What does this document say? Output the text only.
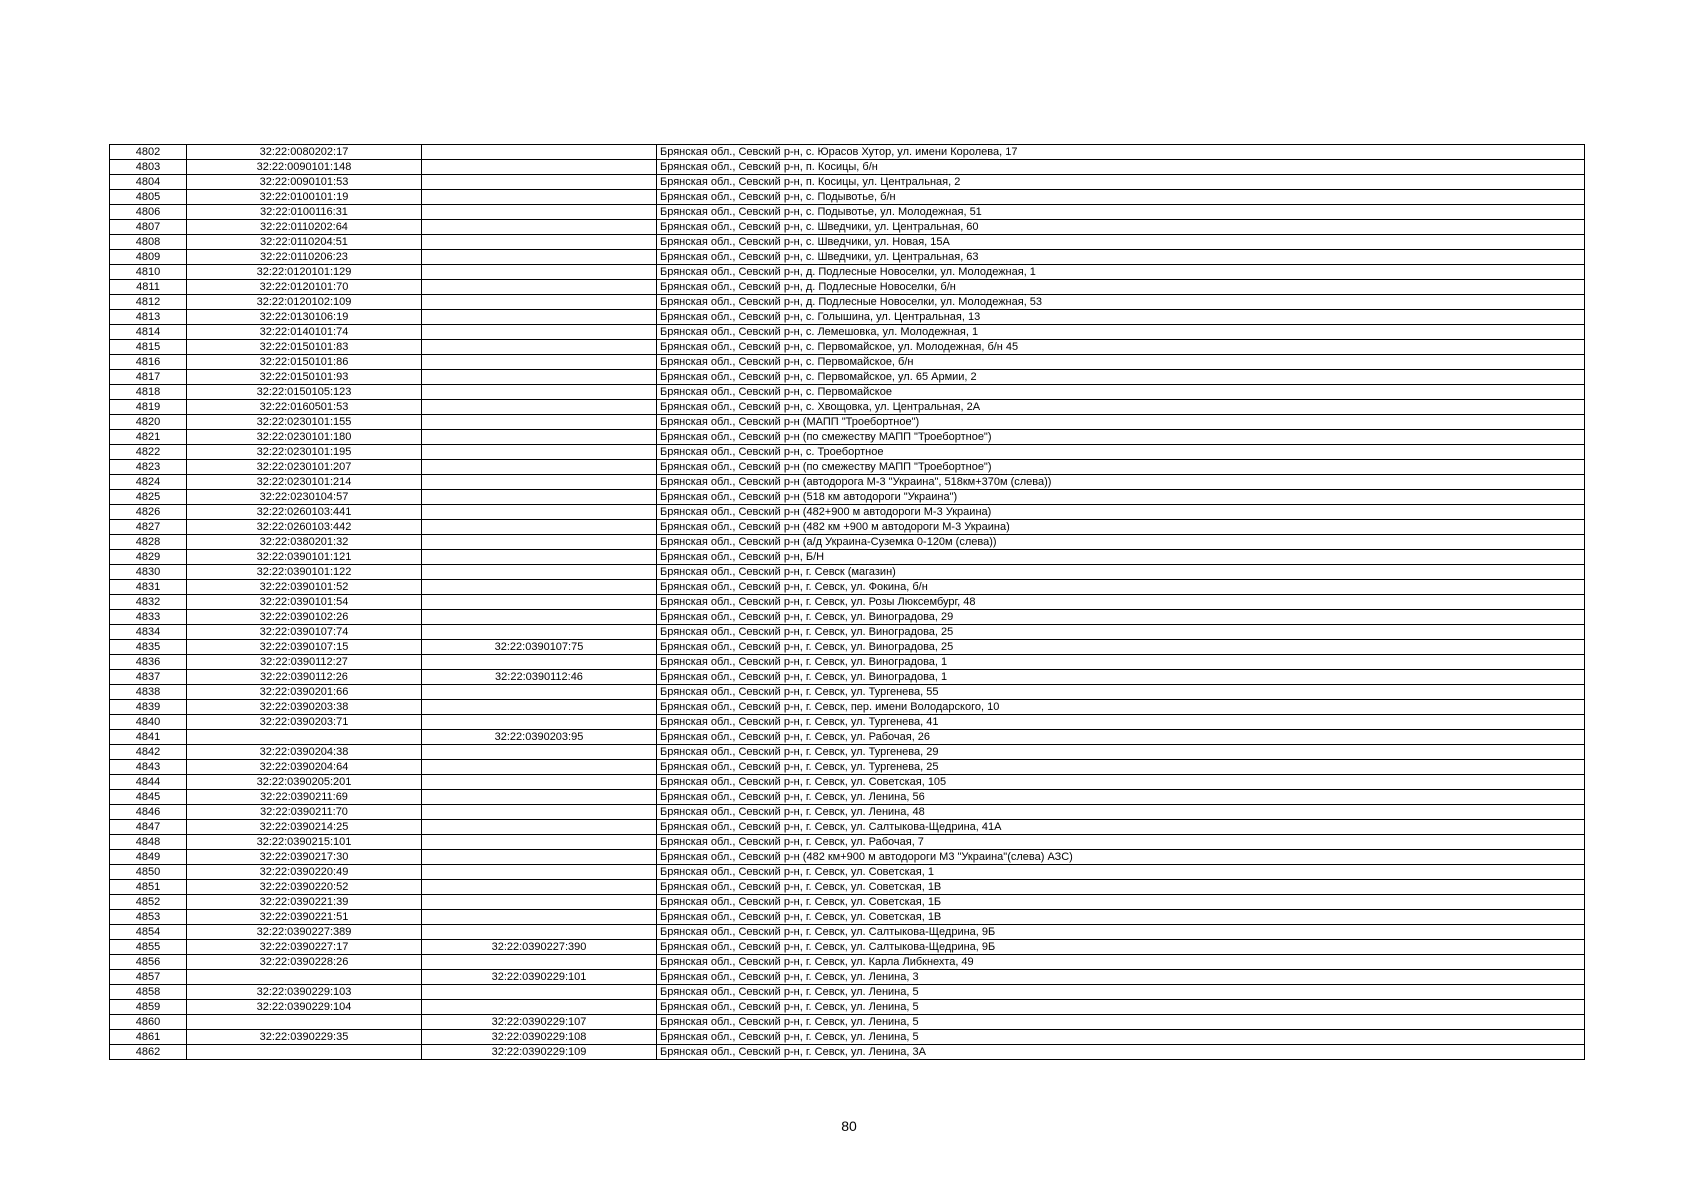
4802	32:22:0080202:17		Брянская обл., Севский р-н, с. Юрасов Хутор, ул. имени Королева, 17
4803	32:22:0090101:148		Брянская обл., Севский р-н, п. Косицы, б/н
4804	32:22:0090101:53		Брянская обл., Севский р-н, п. Косицы, ул. Центральная, 2
4805	32:22:0100101:19		Брянская обл., Севский р-н, с. Подывотье, б/н
4806	32:22:0100116:31		Брянская обл., Севский р-н, с. Подывотье, ул. Молодежная, 51
4807	32:22:0110202:64		Брянская обл., Севский р-н, с. Шведчики, ул. Центральная, 60
4808	32:22:0110204:51		Брянская обл., Севский р-н, с. Шведчики, ул. Новая, 15А
4809	32:22:0110206:23		Брянская обл., Севский р-н, с. Шведчики, ул. Центральная, 63
4810	32:22:0120101:129		Брянская обл., Севский р-н, д. Подлесные Новоселки, ул. Молодежная, 1
4811	32:22:0120101:70		Брянская обл., Севский р-н, д. Подлесные Новоселки, б/н
4812	32:22:0120102:109		Брянская обл., Севский р-н, д. Подлесные Новоселки, ул. Молодежная, 53
4813	32:22:0130106:19		Брянская обл., Севский р-н, с. Голышина, ул. Центральная, 13
4814	32:22:0140101:74		Брянская обл., Севский р-н, с. Лемешовка, ул. Молодежная, 1
4815	32:22:0150101:83		Брянская обл., Севский р-н, с. Первомайское, ул. Молодежная, б/н 45
4816	32:22:0150101:86		Брянская обл., Севский р-н, с. Первомайское, б/н
4817	32:22:0150101:93		Брянская обл., Севский р-н, с. Первомайское, ул. 65 Армии, 2
4818	32:22:0150105:123		Брянская обл., Севский р-н, с. Первомайское
4819	32:22:0160501:53		Брянская обл., Севский р-н, с. Хвощовка, ул. Центральная, 2А
4820	32:22:0230101:155		Брянская обл., Севский р-н (МАПП "Троебортное")
4821	32:22:0230101:180		Брянская обл., Севский р-н (по смежеству МАПП "Троебортное")
4822	32:22:0230101:195		Брянская обл., Севский р-н, с. Троебортное
4823	32:22:0230101:207		Брянская обл., Севский р-н (по смежеству МАПП "Троебортное")
4824	32:22:0230101:214		Брянская обл., Севский р-н (автодорога М-3 "Украина", 518км+370м (слева))
4825	32:22:0230104:57		Брянская обл., Севский р-н (518 км автодороги "Украина")
4826	32:22:0260103:441		Брянская обл., Севский р-н (482+900 м автодороги М-3 Украина)
4827	32:22:0260103:442		Брянская обл., Севский р-н (482 км +900 м автодороги М-3 Украина)
4828	32:22:0380201:32		Брянская обл., Севский р-н (а/д Украина-Суземка 0-120м (слева))
4829	32:22:0390101:121		Брянская обл., Севский р-н, Б/Н
4830	32:22:0390101:122		Брянская обл., Севский р-н, г. Севск (магазин)
4831	32:22:0390101:52		Брянская обл., Севский р-н, г. Севск, ул. Фокина, б/н
4832	32:22:0390101:54		Брянская обл., Севский р-н, г. Севск, ул. Розы Люксембург, 48
4833	32:22:0390102:26		Брянская обл., Севский р-н, г. Севск, ул. Виноградова, 29
4834	32:22:0390107:74		Брянская обл., Севский р-н, г. Севск, ул. Виноградова, 25
4835	32:22:0390107:15	32:22:0390107:75	Брянская обл., Севский р-н, г. Севск, ул. Виноградова, 25
4836	32:22:0390112:27		Брянская обл., Севский р-н, г. Севск, ул. Виноградова, 1
4837	32:22:0390112:26	32:22:0390112:46	Брянская обл., Севский р-н, г. Севск, ул. Виноградова, 1
4838	32:22:0390201:66		Брянская обл., Севский р-н, г. Севск, ул. Тургенева, 55
4839	32:22:0390203:38		Брянская обл., Севский р-н, г. Севск, пер. имени Володарского, 10
4840	32:22:0390203:71		Брянская обл., Севский р-н, г. Севск, ул. Тургенева, 41
4841		32:22:0390203:95	Брянская обл., Севский р-н, г. Севск, ул. Рабочая, 26
4842	32:22:0390204:38		Брянская обл., Севский р-н, г. Севск, ул. Тургенева, 29
4843	32:22:0390204:64		Брянская обл., Севский р-н, г. Севск, ул. Тургенева, 25
4844	32:22:0390205:201		Брянская обл., Севский р-н, г. Севск, ул. Советская, 105
4845	32:22:0390211:69		Брянская обл., Севский р-н, г. Севск, ул. Ленина, 56
4846	32:22:0390211:70		Брянская обл., Севский р-н, г. Севск, ул. Ленина, 48
4847	32:22:0390214:25		Брянская обл., Севский р-н, г. Севск, ул. Салтыкова-Щедрина, 41А
4848	32:22:0390215:101		Брянская обл., Севский р-н, г. Севск, ул. Рабочая, 7
4849	32:22:0390217:30		Брянская обл., Севский р-н (482 км+900 м автодороги М3 "Украина"(слева) АЗС)
4850	32:22:0390220:49		Брянская обл., Севский р-н, г. Севск, ул. Советская, 1
4851	32:22:0390220:52		Брянская обл., Севский р-н, г. Севск, ул. Советская, 1В
4852	32:22:0390221:39		Брянская обл., Севский р-н, г. Севск, ул. Советская, 1Б
4853	32:22:0390221:51		Брянская обл., Севский р-н, г. Севск, ул. Советская, 1В
4854	32:22:0390227:389		Брянская обл., Севский р-н, г. Севск, ул. Салтыкова-Щедрина, 9Б
4855	32:22:0390227:17	32:22:0390227:390	Брянская обл., Севский р-н, г. Севск, ул. Салтыкова-Щедрина, 9Б
4856	32:22:0390228:26		Брянская обл., Севский р-н, г. Севск, ул. Карла Либкнехта, 49
4857		32:22:0390229:101	Брянская обл., Севский р-н, г. Севск, ул. Ленина, 3
4858	32:22:0390229:103		Брянская обл., Севский р-н, г. Севск, ул. Ленина, 5
4859	32:22:0390229:104		Брянская обл., Севский р-н, г. Севск, ул. Ленина, 5
4860		32:22:0390229:107	Брянская обл., Севский р-н, г. Севск, ул. Ленина, 5
4861	32:22:0390229:35	32:22:0390229:108	Брянская обл., Севский р-н, г. Севск, ул. Ленина, 5
4862		32:22:0390229:109	Брянская обл., Севский р-н, г. Севск, ул. Ленина, 3А
80
